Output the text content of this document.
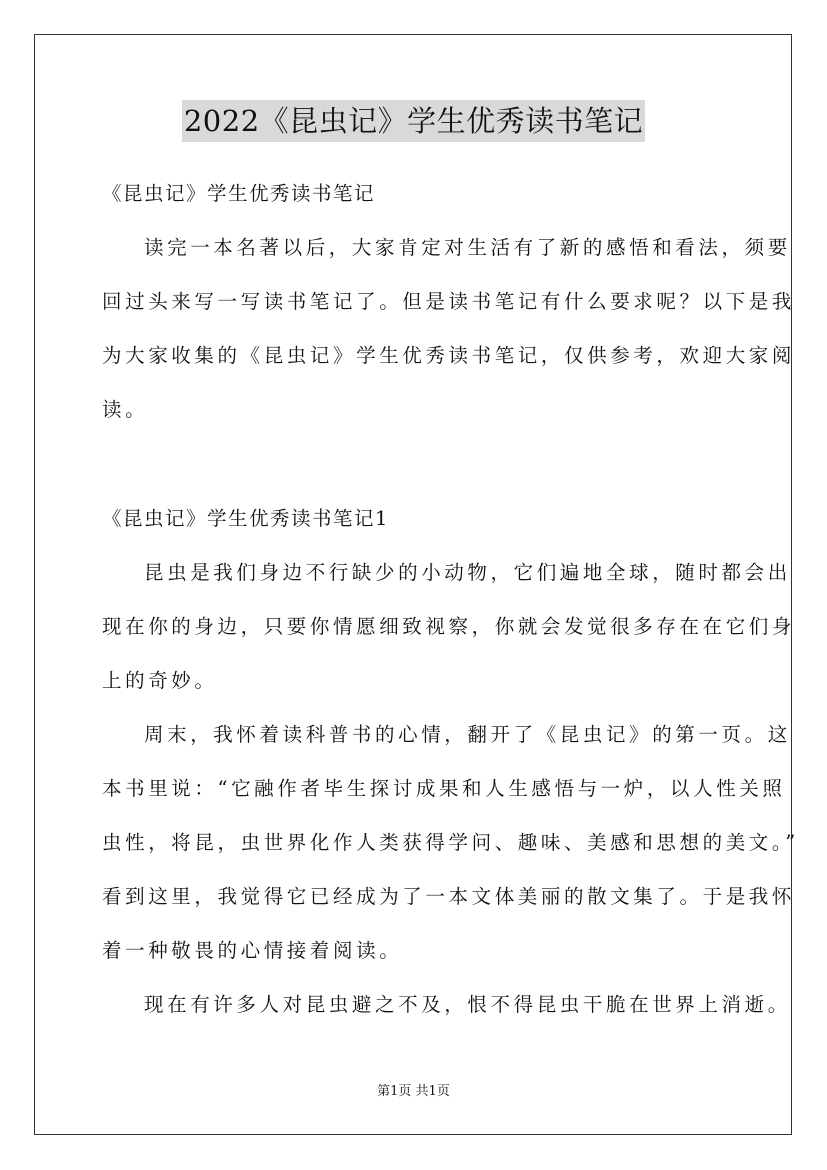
2022《昆虫记》学生优秀读书笔记
《昆虫记》学生优秀读书笔记
读完一本名著以后，大家肯定对生活有了新的感悟和看法，须要
回过头来写一写读书笔记了。但是读书笔记有什么要求呢？以下是我
为大家收集的《昆虫记》学生优秀读书笔记，仅供参考，欢迎大家阅
读。
《昆虫记》学生优秀读书笔记1
昆虫是我们身边不行缺少的小动物，它们遍地全球，随时都会出
现在你的身边，只要你情愿细致视察，你就会发觉很多存在在它们身
上的奇妙。
周末，我怀着读科普书的心情，翻开了《昆虫记》的第一页。这
本书里说：“它融作者毕生探讨成果和人生感悟与一炉，以人性关照
虫性，将昆，虫世界化作人类获得学问、趣味、美感和思想的美文。”
看到这里，我觉得它已经成为了一本文体美丽的散文集了。于是我怀
着一种敬畏的心情接着阅读。
现在有许多人对昆虫避之不及，恨不得昆虫干脆在世界上消逝。
第1页 共1页
